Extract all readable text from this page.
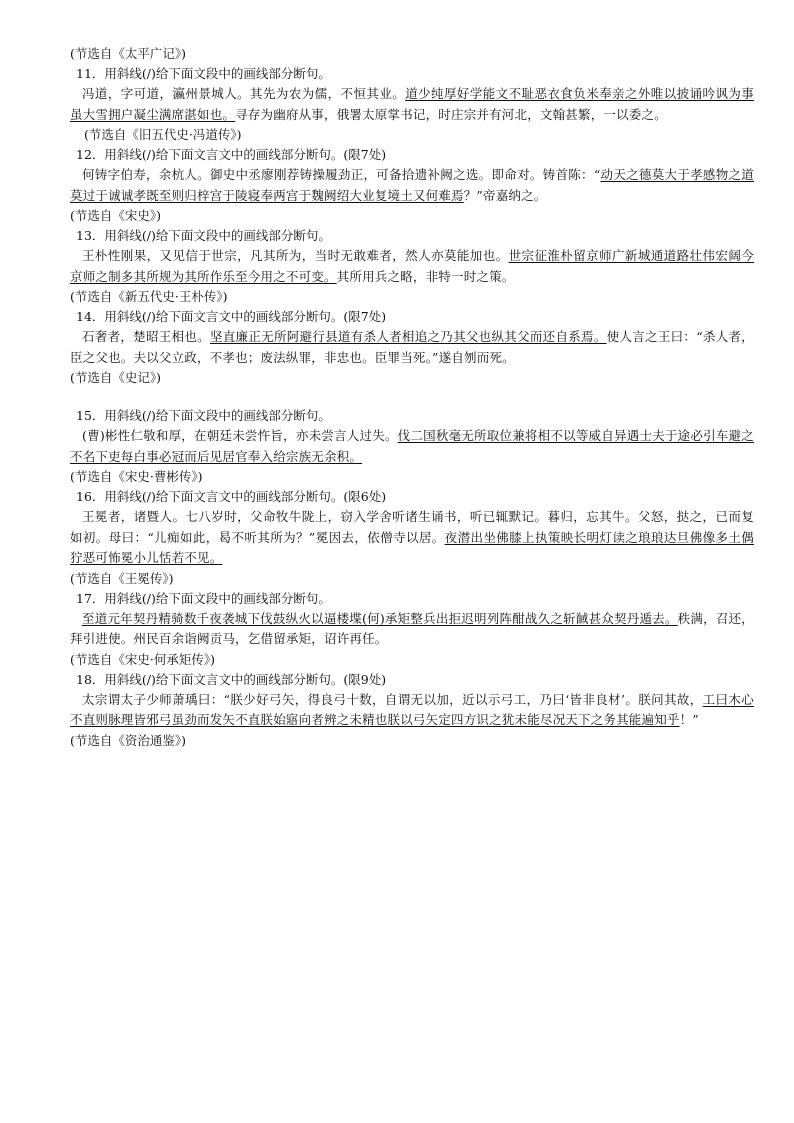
(节选自《太平广记》)

11．用斜线(/)给下面文段中的画线部分断句。

冯道，字可道，瀛州景城人。其先为农为儒，不恒其业。道少纯厚好学能文不耻恶衣食负米奉亲之外唯以披诵吟讽为事虽大雪拥户凝尘满席湛如也。寻存为幽府从事，俄署太原掌书记，时庄宗并有河北，文翰甚繁，一以委之。

(节选自《旧五代史·冯道传》)

12．用斜线(/)给下面文言文中的画线部分断句。(限7处)

何铸字伯寿，余杭人。御史中丞廖刚荐铸操履劲正，可备拾遗补阙之选。即命对。铸首陈：“动天之德莫大于孝感物之道莫过于诚诚孝既至则归梓宫于陵寝奉两宫于魏阙绍大业复境土又何难焉？”帝嘉纳之。

(节选自《宋史》)

13．用斜线(/)给下面文段中的画线部分断句。

王朴性刚果，又见信于世宗，凡其所为，当时无敢难者，然人亦莫能加也。世宗征淮朴留京师广新城通道路壮伟宏阔今京师之制多其所规为其所作乐至今用之不可变。其所用兵之略，非特一时之策。

(节选自《新五代史·王朴传》)

14．用斜线(/)给下面文言文中的画线部分断句。(限7处)

石奢者，楚昭王相也。坚直廉正无所阿避行县道有杀人者相追之乃其父也纵其父而还自系焉。使人言之王曰：“杀人者，臣之父也。夫以父立政，不孝也；废法纵罪，非忠也。臣罪当死。”遂自刎而死。

(节选自《史记》)

15．用斜线(/)给下面文段中的画线部分断句。

(曹)彬性仁敬和厚，在朝廷未尝忤旨，亦未尝言人过失。伐二国秋毫无所取位兼将相不以等威自异遇士夫于途必引车避之不名下吏每白事必冠而后见居官奉入给宗族无余积。

(节选自《宋史·曹彬传》)

16．用斜线(/)给下面文言文中的画线部分断句。(限6处)

王冕者，诸暨人。七八岁时，父命牧牛陇上，窃入学舍听诸生诵书，听已辄默记。暮归，忘其牛。父怒，挞之，已而复如初。母曰：“儿痴如此，曷不听其所为？”冕因去，依僧寺以居。夜潜出坐佛膝上执策映长明灯读之琅琅达旦佛像多土偶狞恶可怖冕小儿恬若不见。

(节选自《王冕传》)

17．用斜线(/)给下面文段中的画线部分断句。

至道元年契丹精骑数千夜袭城下伐鼓纵火以逼楼堞(何)承矩整兵出拒迟明列阵酣战久之斩馘甚众契丹遁去。秩满，召还，拜引进使。州民百余诣阙贡马，乞借留承矩，诏许再任。

(节选自《宋史·何承矩传》)

18．用斜线(/)给下面文言文中的画线部分断句。(限9处)

太宗谓太子少师萧瑀曰：“朕少好弓矢，得良弓十数，自谓无以加，近以示弓工，乃曰‘皆非良材’。朕问其故，工曰木心不直则脉理皆邪弓虽劲而发矢不直朕始寤向者辨之未精也朕以弓矢定四方识之犹未能尽况天下之务其能遍知乎！”

(节选自《资治通鉴》)
